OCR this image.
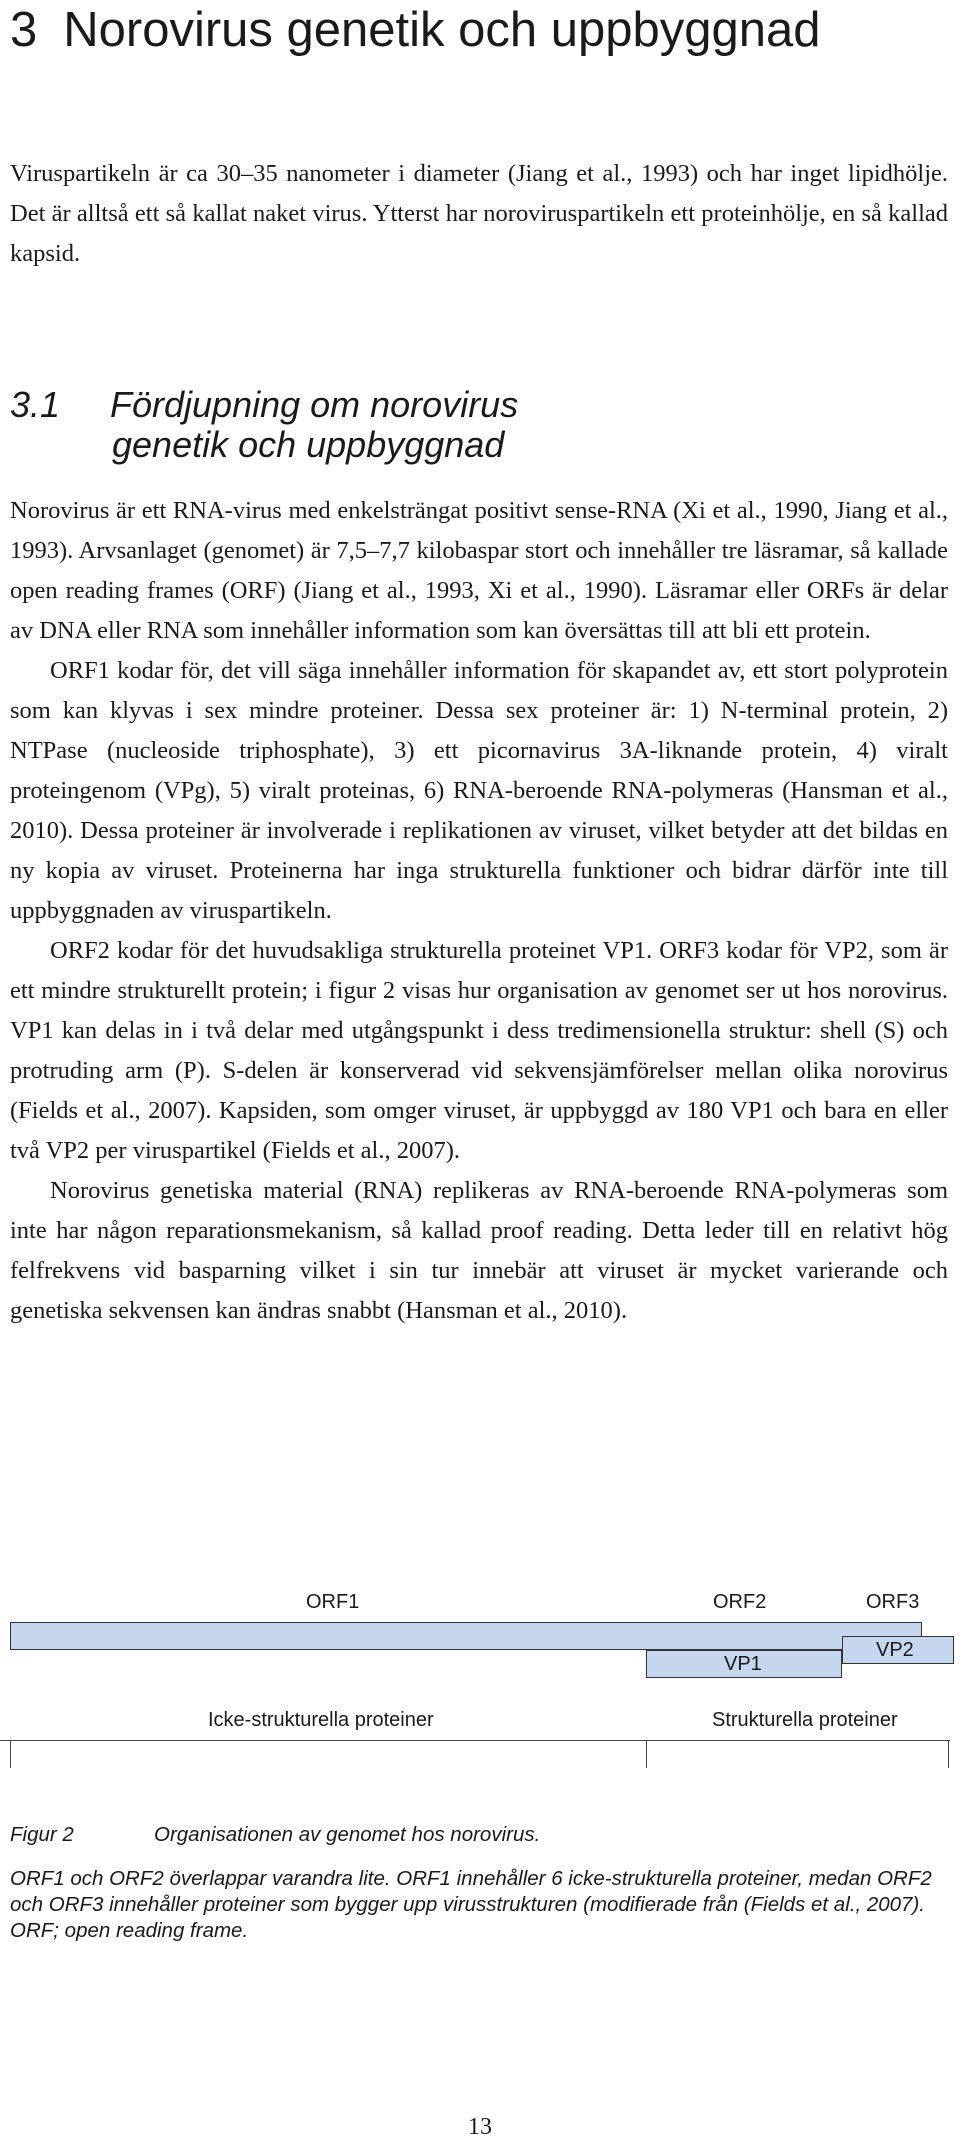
3 Norovirus genetik och uppbyggnad

Viruspartikeln är ca 30–35 nanometer i diameter (Jiang et al., 1993) och har inget lipidhölje. Det är alltså ett så kallat naket virus. Ytterst har noroviruspartikeln ett proteinhölje, en så kallad kapsid.

3.1 Fördjupning om norovirus
genetik och uppbyggnad

Norovirus är ett RNA-virus med enkelsträngat positivt sense-RNA (Xi et al., 1990, Jiang et al., 1993). Arvsanlaget (genomet) är 7,5–7,7 kilobaspar stort och innehåller tre läsramar, så kallade open reading frames (ORF) (Jiang et al., 1993, Xi et al., 1990). Läsramar eller ORFs är delar av DNA eller RNA som innehåller information som kan översättas till att bli ett protein.

ORF1 kodar för, det vill säga innehåller information för skapandet av, ett stort polyprotein som kan klyvas i sex mindre proteiner. Dessa sex proteiner är: 1) N-terminal protein, 2) NTPase (nucleoside triphosphate), 3) ett picornavirus 3A-liknande protein, 4) viralt proteingenom (VPg), 5) viralt proteinas, 6) RNA-beroende RNA-polymeras (Hansman et al., 2010). Dessa proteiner är involverade i replikationen av viruset, vilket betyder att det bildas en ny kopia av viruset. Proteinerna har inga strukturella funktioner och bidrar därför inte till uppbyggnaden av viruspartikeln.

ORF2 kodar för det huvudsakliga strukturella proteinet VP1. ORF3 kodar för VP2, som är ett mindre strukturellt protein; i figur 2 visas hur organisation av genomet ser ut hos norovirus. VP1 kan delas in i två delar med utgångspunkt i dess tredimensionella struktur: shell (S) och protruding arm (P). S-delen är konserverad vid sekvensjämförelser mellan olika norovirus (Fields et al., 2007). Kapsiden, som omger viruset, är uppbyggd av 180 VP1 och bara en eller två VP2 per viruspartikel (Fields et al., 2007).

Norovirus genetiska material (RNA) replikeras av RNA-beroende RNA-polymeras som inte har någon reparationsmekanism, så kallad proof reading. Detta leder till en relativt hög felfrekvens vid basparning vilket i sin tur innebär att viruset är mycket varierande och genetiska sekvensen kan ändras snabbt (Hansman et al., 2010).

ORF1	ORF2	ORF3
VP1
VP2
Icke-strukturella proteiner	Strukturella proteiner

Figur 2	Organisationen av genomet hos norovirus.

ORF1 och ORF2 överlappar varandra lite. ORF1 innehåller 6 icke-strukturella proteiner, medan ORF2 och ORF3 innehåller proteiner som bygger upp virusstrukturen (modifierade från (Fields et al., 2007). ORF; open reading frame.

13
